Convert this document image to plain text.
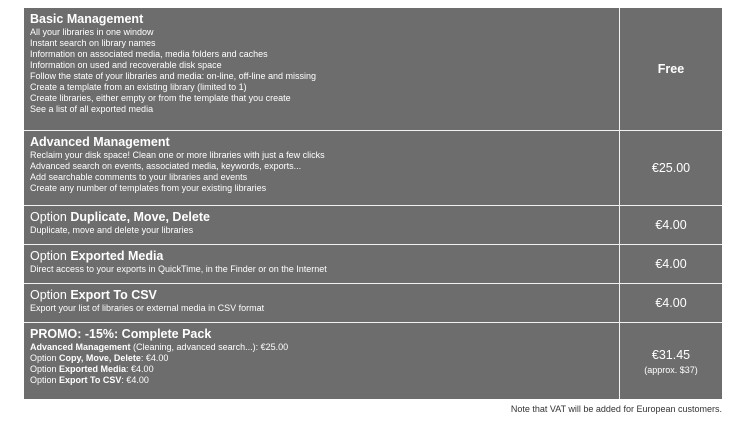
Basic Management
All your libraries in one window
Instant search on library names
Information on associated media, media folders and caches
Information on used and recoverable disk space
Follow the state of your libraries and media: on-line, off-line and missing
Create a template from an existing library (limited to 1)
Create libraries, either empty or from the template that you create
See a list of all exported media
Free
Advanced Management
Reclaim your disk space! Clean one or more libraries with just a few clicks
Advanced search on events, associated media, keywords, exports...
Add searchable comments to your libraries and events
Create any number of templates from your existing libraries
€25.00
Option Duplicate, Move, Delete
Duplicate, move and delete your libraries	€4.00
Option Exported Media
Direct access to your exports in QuickTime, in the Finder or on the Internet	€4.00
Option Export To CSV
Export your list of libraries or external media in CSV format	€4.00
PROMO: -15%: Complete Pack
Advanced Management (Cleaning, advanced search...): €25.00
Option Copy, Move, Delete: €4.00
Option Exported Media: €4.00
Option Export To CSV: €4.00
€31.45
(approx. $37)
Note that VAT will be added for European customers.
